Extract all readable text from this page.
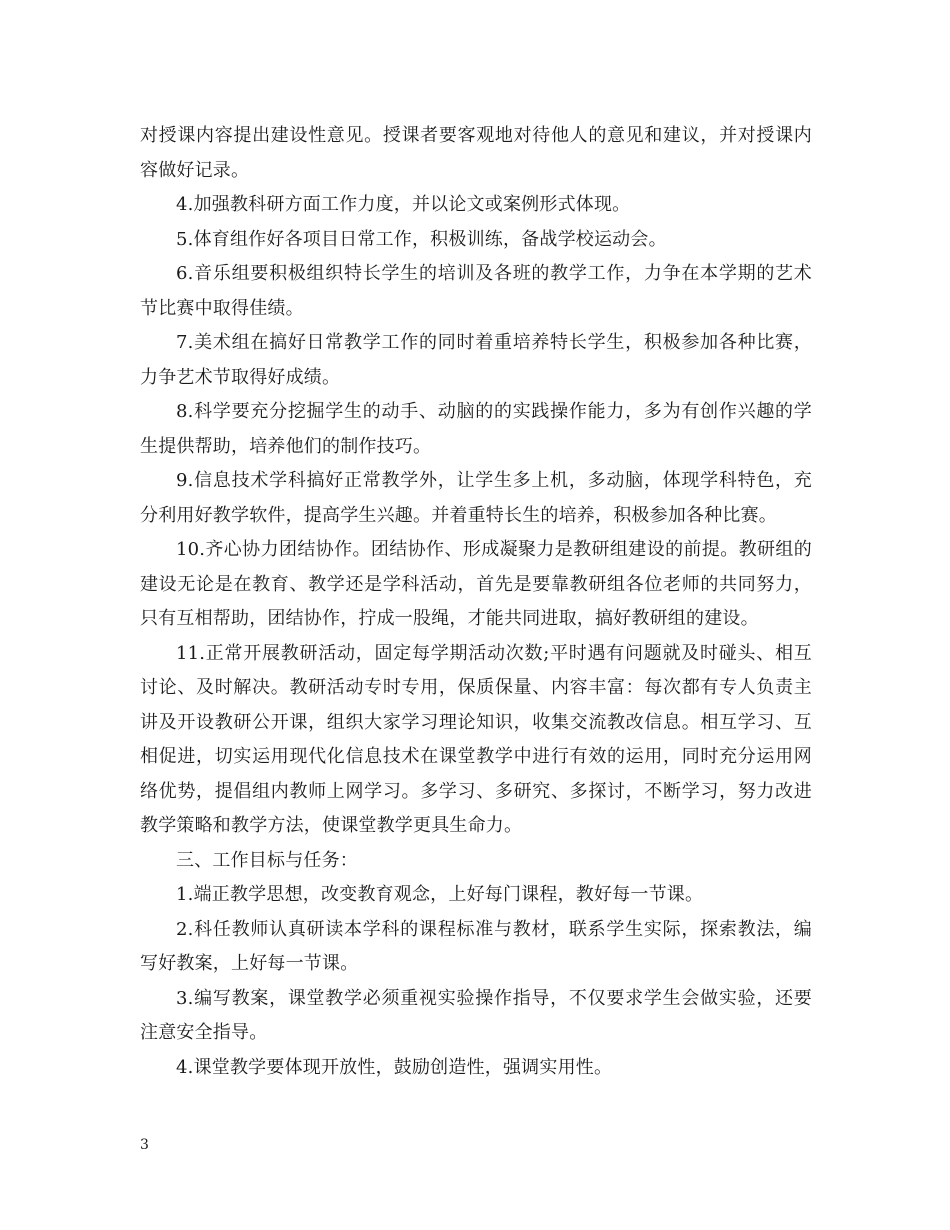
对授课内容提出建设性意见。授课者要客观地对待他人的意见和建议，并对授课内容做好记录。

4.加强教科研方面工作力度，并以论文或案例形式体现。

5.体育组作好各项目日常工作，积极训练，备战学校运动会。

6.音乐组要积极组织特长学生的培训及各班的教学工作，力争在本学期的艺术节比赛中取得佳绩。

7.美术组在搞好日常教学工作的同时着重培养特长学生，积极参加各种比赛，力争艺术节取得好成绩。

8.科学要充分挖掘学生的动手、动脑的的实践操作能力，多为有创作兴趣的学生提供帮助，培养他们的制作技巧。

9.信息技术学科搞好正常教学外，让学生多上机，多动脑，体现学科特色，充分利用好教学软件，提高学生兴趣。并着重特长生的培养，积极参加各种比赛。

10.齐心协力团结协作。团结协作、形成凝聚力是教研组建设的前提。教研组的建设无论是在教育、教学还是学科活动，首先是要靠教研组各位老师的共同努力，只有互相帮助，团结协作，拧成一股绳，才能共同进取，搞好教研组的建设。

11.正常开展教研活动，固定每学期活动次数;平时遇有问题就及时碰头、相互讨论、及时解决。教研活动专时专用，保质保量、内容丰富：每次都有专人负责主讲及开设教研公开课，组织大家学习理论知识，收集交流教改信息。相互学习、互相促进，切实运用现代化信息技术在课堂教学中进行有效的运用，同时充分运用网络优势，提倡组内教师上网学习。多学习、多研究、多探讨，不断学习，努力改进教学策略和教学方法，使课堂教学更具生命力。

三、工作目标与任务：

1.端正教学思想，改变教育观念，上好每门课程，教好每一节课。

2.科任教师认真研读本学科的课程标准与教材，联系学生实际，探索教法，编写好教案，上好每一节课。

3.编写教案，课堂教学必须重视实验操作指导，不仅要求学生会做实验，还要注意安全指导。

4.课堂教学要体现开放性，鼓励创造性，强调实用性。

3
